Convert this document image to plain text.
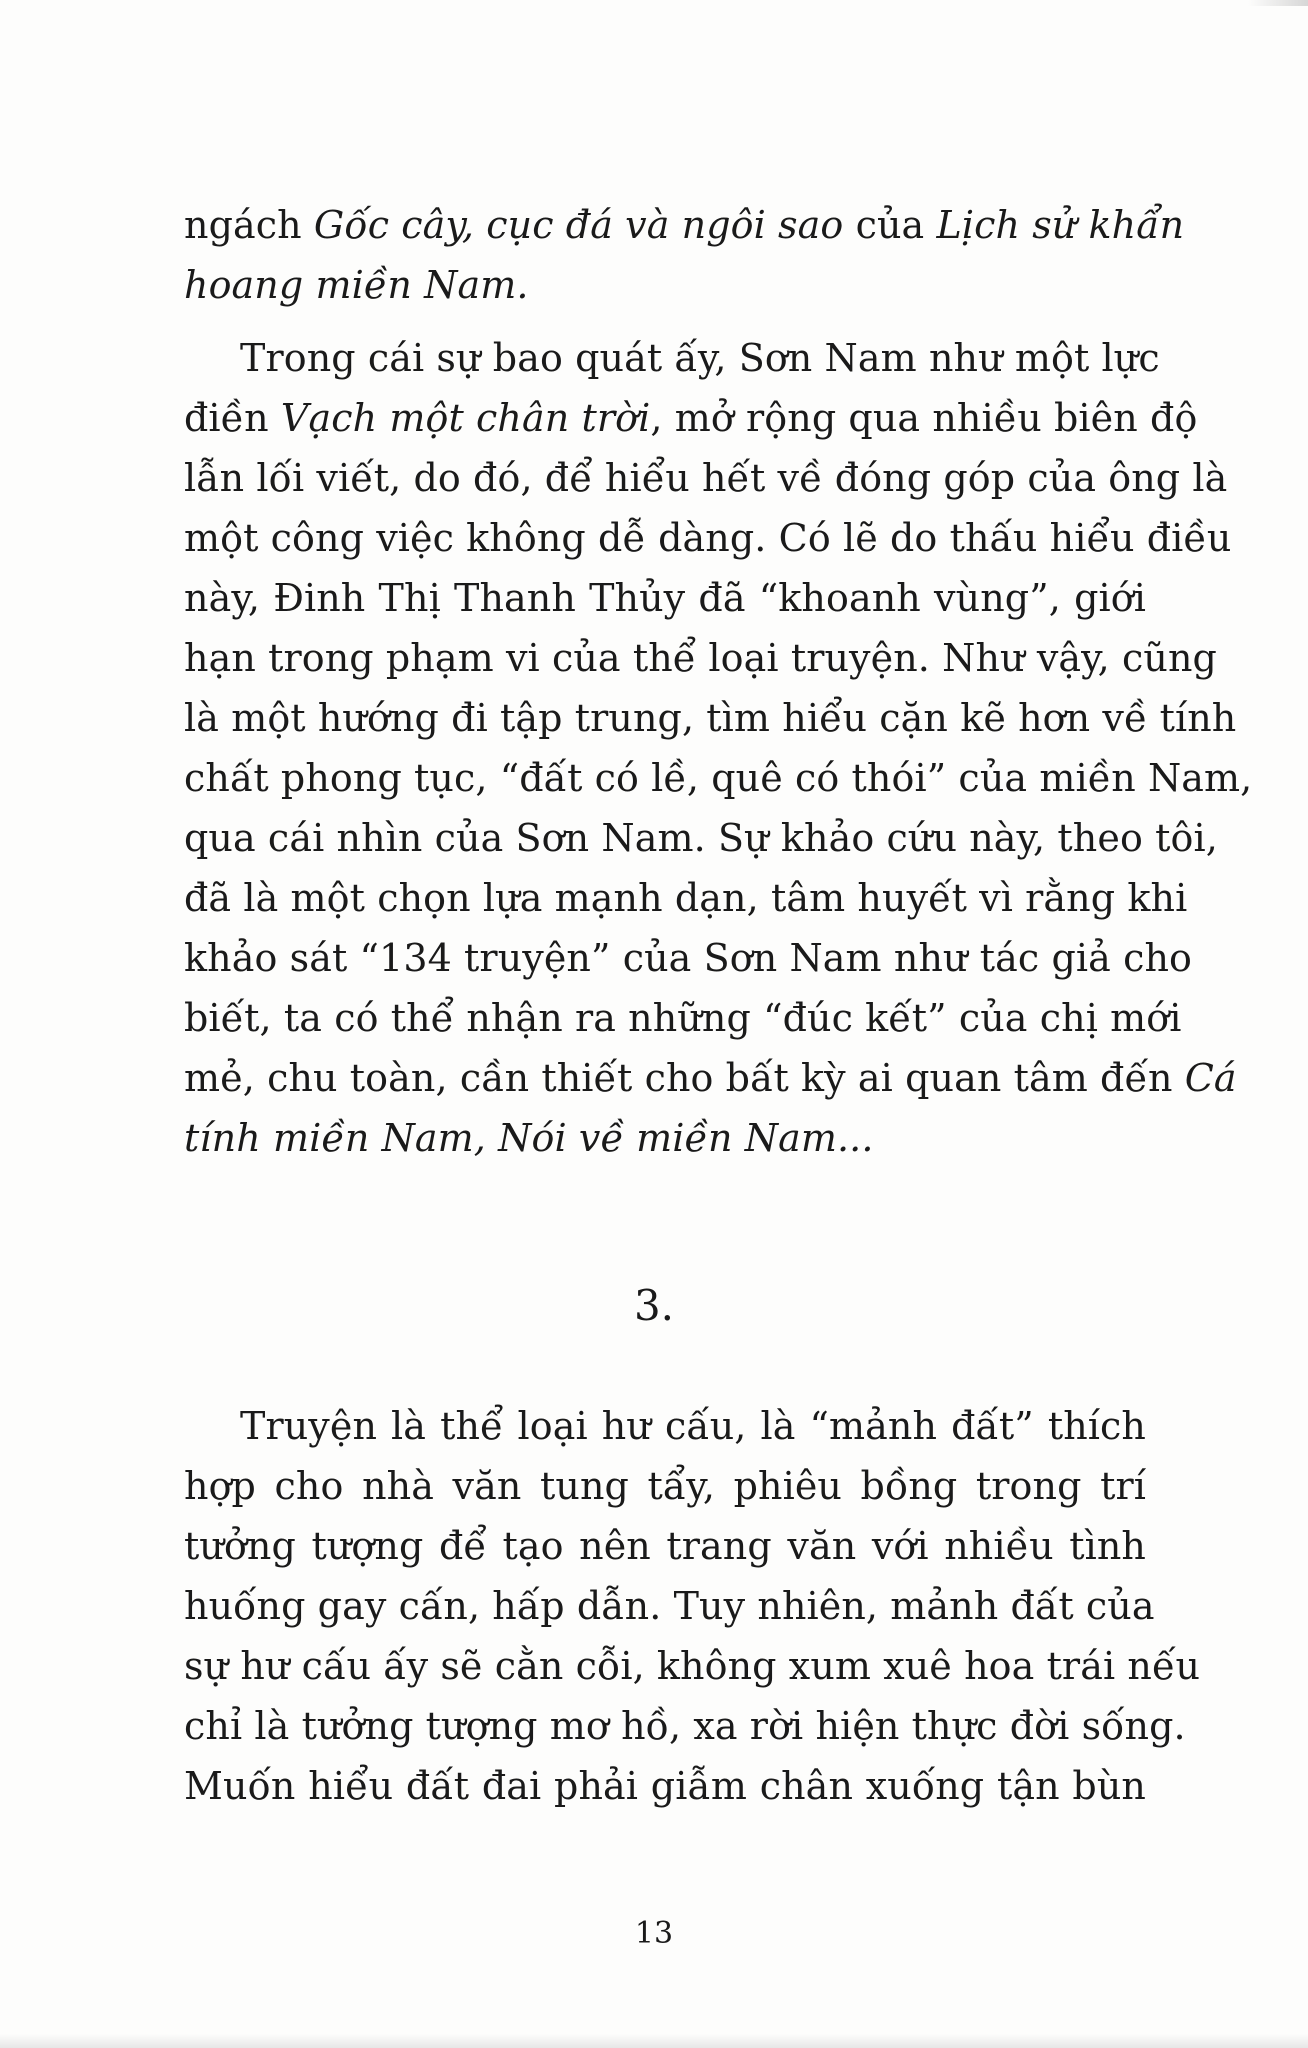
ngách Gốc cây, cục đá và ngôi sao của Lịch sử khẩn
hoang miền Nam.
Trong cái sự bao quát ấy, Sơn Nam như một lực
điền Vạch một chân trời, mở rộng qua nhiều biên độ
lẫn lối viết, do đó, để hiểu hết về đóng góp của ông là
một công việc không dễ dàng. Có lẽ do thấu hiểu điều
này, Đinh Thị Thanh Thủy đã “khoanh vùng”, giới
hạn trong phạm vi của thể loại truyện. Như vậy, cũng
là một hướng đi tập trung, tìm hiểu cặn kẽ hơn về tính
chất phong tục, “đất có lề, quê có thói” của miền Nam,
qua cái nhìn của Sơn Nam. Sự khảo cứu này, theo tôi,
đã là một chọn lựa mạnh dạn, tâm huyết vì rằng khi
khảo sát “134 truyện” của Sơn Nam như tác giả cho
biết, ta có thể nhận ra những “đúc kết” của chị mới
mẻ, chu toàn, cần thiết cho bất kỳ ai quan tâm đến Cá
tính miền Nam, Nói về miền Nam...
3.
Truyện là thể loại hư cấu, là “mảnh đất” thích
hợp cho nhà văn tung tẩy, phiêu bồng trong trí
tưởng tượng để tạo nên trang văn với nhiều tình
huống gay cấn, hấp dẫn. Tuy nhiên, mảnh đất của
sự hư cấu ấy sẽ cằn cỗi, không xum xuê hoa trái nếu
chỉ là tưởng tượng mơ hồ, xa rời hiện thực đời sống.
Muốn hiểu đất đai phải giẫm chân xuống tận bùn
13
